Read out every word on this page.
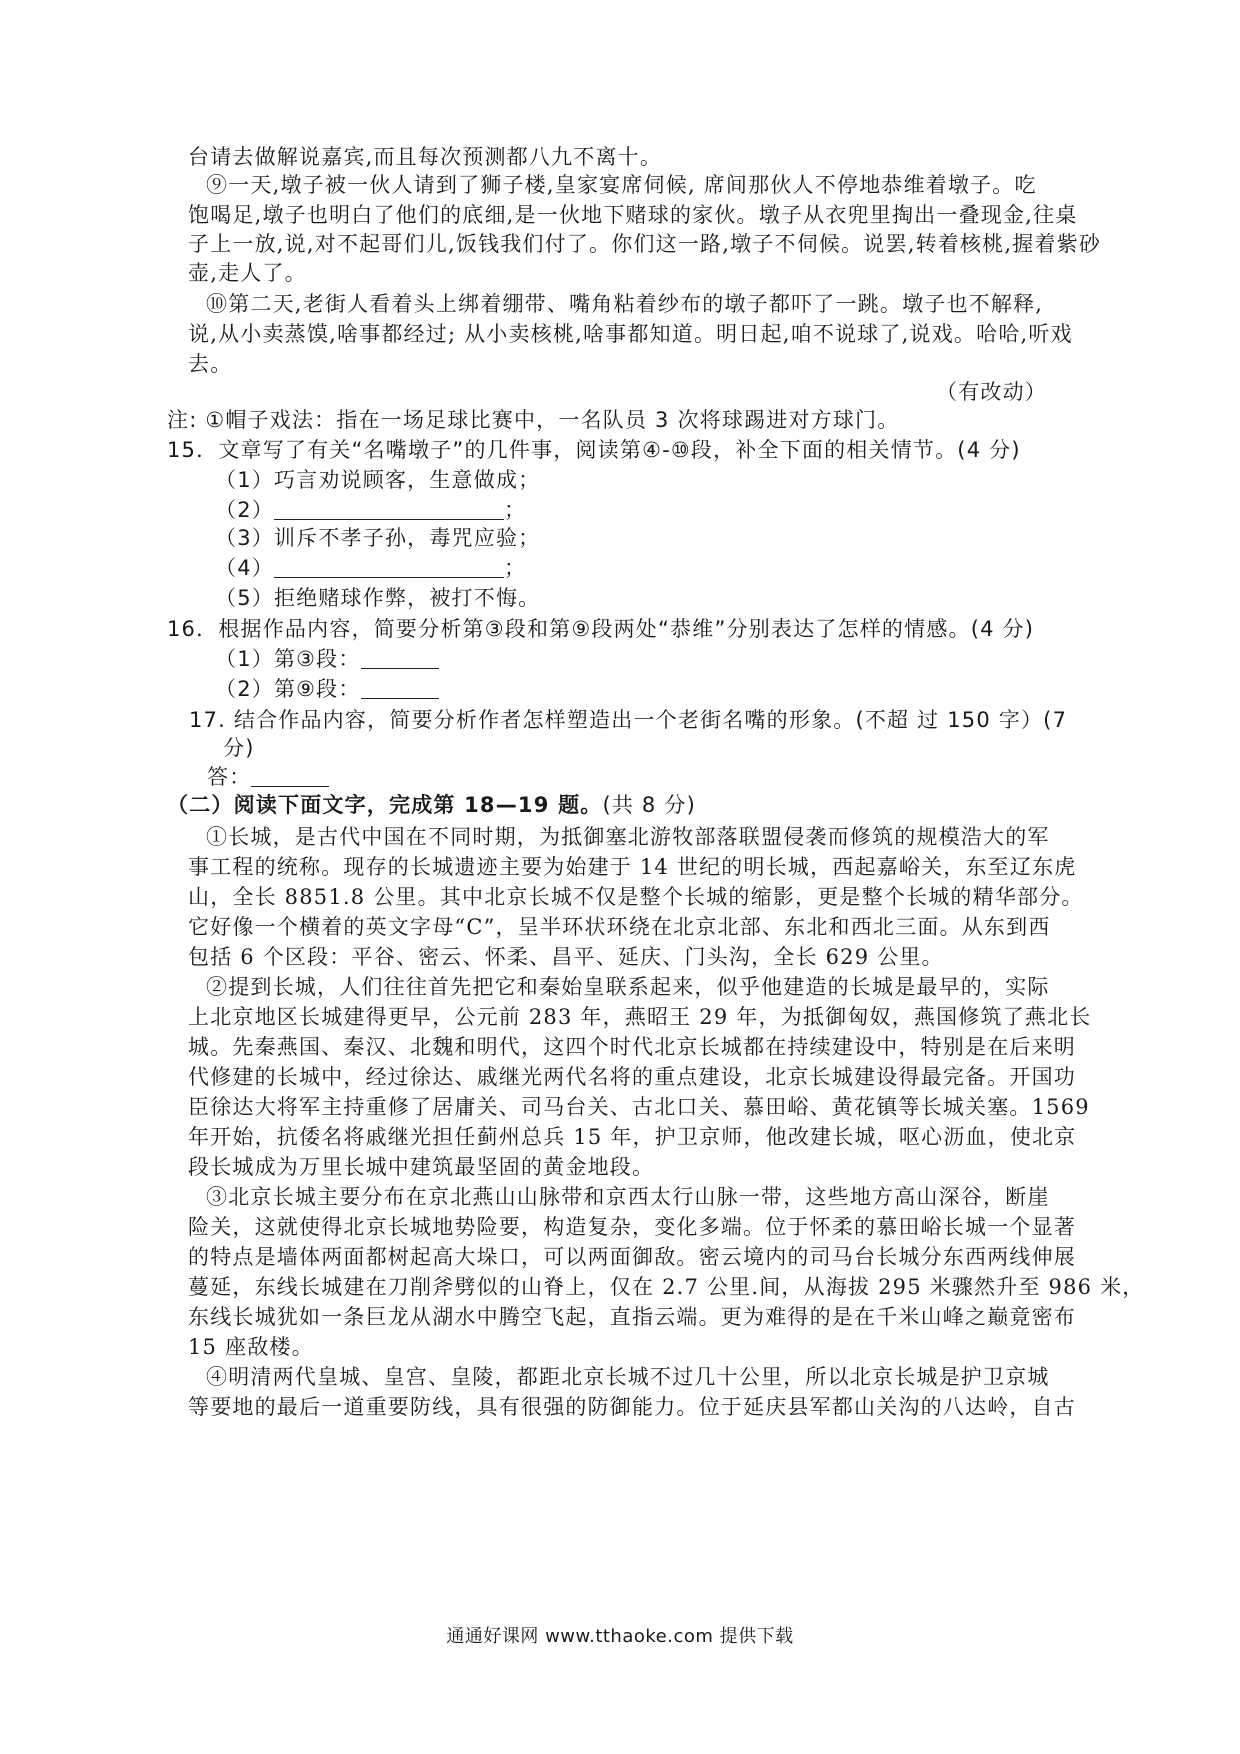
台请去做解说嘉宾,而且每次预测都八九不离十。
⑨一天,墩子被一伙人请到了狮子楼,皇家宴席伺候, 席间那伙人不停地恭维着墩子。吃
饱喝足,墩子也明白了他们的底细,是一伙地下赌球的家伙。墩子从衣兜里掏出一叠现金,往桌
子上一放,说,对不起哥们儿,饭钱我们付了。你们这一路,墩子不伺候。说罢,转着核桃,握着紫砂
壶,走人了。
⑩第二天,老街人看着头上绑着绷带、嘴角粘着纱布的墩子都吓了一跳。墩子也不解释,
说,从小卖蒸馍,啥事都经过; 从小卖核桃,啥事都知道。明日起,咱不说球了,说戏。哈哈,听戏
去。
（有改动）
注: ①帽子戏法：指在一场足球比赛中，一名队员 3 次将球踢进对方球门。
15．文章写了有关“名嘴墩子”的几件事，阅读第④-⑩段，补全下面的相关情节。(4 分)
（1）巧言劝说顾客，生意做成；
（2）	；
（3）训斥不孝子孙，毒咒应验；
（4）	；
（5）拒绝赌球作弊，被打不悔。
16．根据作品内容，简要分析第③段和第⑨段两处“恭维”分别表达了怎样的情感。(4 分)
（1）第③段：
（2）第⑨段：
17. 结合作品内容，简要分析作者怎样塑造出一个老街名嘴的形象。(不超 过 150 字）(7
分)
答：
（二）阅读下面文字，完成第 18—19 题。(共 8 分)
①长城，是古代中国在不同时期，为抵御塞北游牧部落联盟侵袭而修筑的规模浩大的军
事工程的统称。现存的长城遗迹主要为始建于 14 世纪的明长城，西起嘉峪关，东至辽东虎
山，全长 8851.8 公里。其中北京长城不仅是整个长城的缩影，更是整个长城的精华部分。
它好像一个横着的英文字母“C”，呈半环状环绕在北京北部、东北和西北三面。从东到西
包括 6 个区段：平谷、密云、怀柔、昌平、延庆、门头沟，全长 629 公里。
②提到长城，人们往往首先把它和秦始皇联系起来，似乎他建造的长城是最早的，实际
上北京地区长城建得更早，公元前 283 年，燕昭王 29 年，为抵御匈奴，燕国修筑了燕北长
城。先秦燕国、秦汉、北魏和明代，这四个时代北京长城都在持续建设中，特别是在后来明
代修建的长城中，经过徐达、戚继光两代名将的重点建设，北京长城建设得最完备。开国功
臣徐达大将军主持重修了居庸关、司马台关、古北口关、慕田峪、黄花镇等长城关塞。1569
年开始，抗倭名将戚继光担任蓟州总兵 15 年，护卫京师，他改建长城，呕心沥血，使北京
段长城成为万里长城中建筑最坚固的黄金地段。
③北京长城主要分布在京北燕山山脉带和京西太行山脉一带，这些地方高山深谷，断崖
险关，这就使得北京长城地势险要，构造复杂，变化多端。位于怀柔的慕田峪长城一个显著
的特点是墙体两面都树起高大垛口，可以两面御敌。密云境内的司马台长城分东西两线伸展
蔓延，东线长城建在刀削斧劈似的山脊上，仅在 2.7 公里.间，从海拔 295 米骤然升至 986 米，
东线长城犹如一条巨龙从湖水中腾空飞起，直指云端。更为难得的是在千米山峰之巅竟密布
15 座敌楼。
④明清两代皇城、皇宫、皇陵，都距北京长城不过几十公里，所以北京长城是护卫京城
等要地的最后一道重要防线，具有很强的防御能力。位于延庆县军都山关沟的八达岭，自古
通通好课网 www.tthaoke.com 提供下载
